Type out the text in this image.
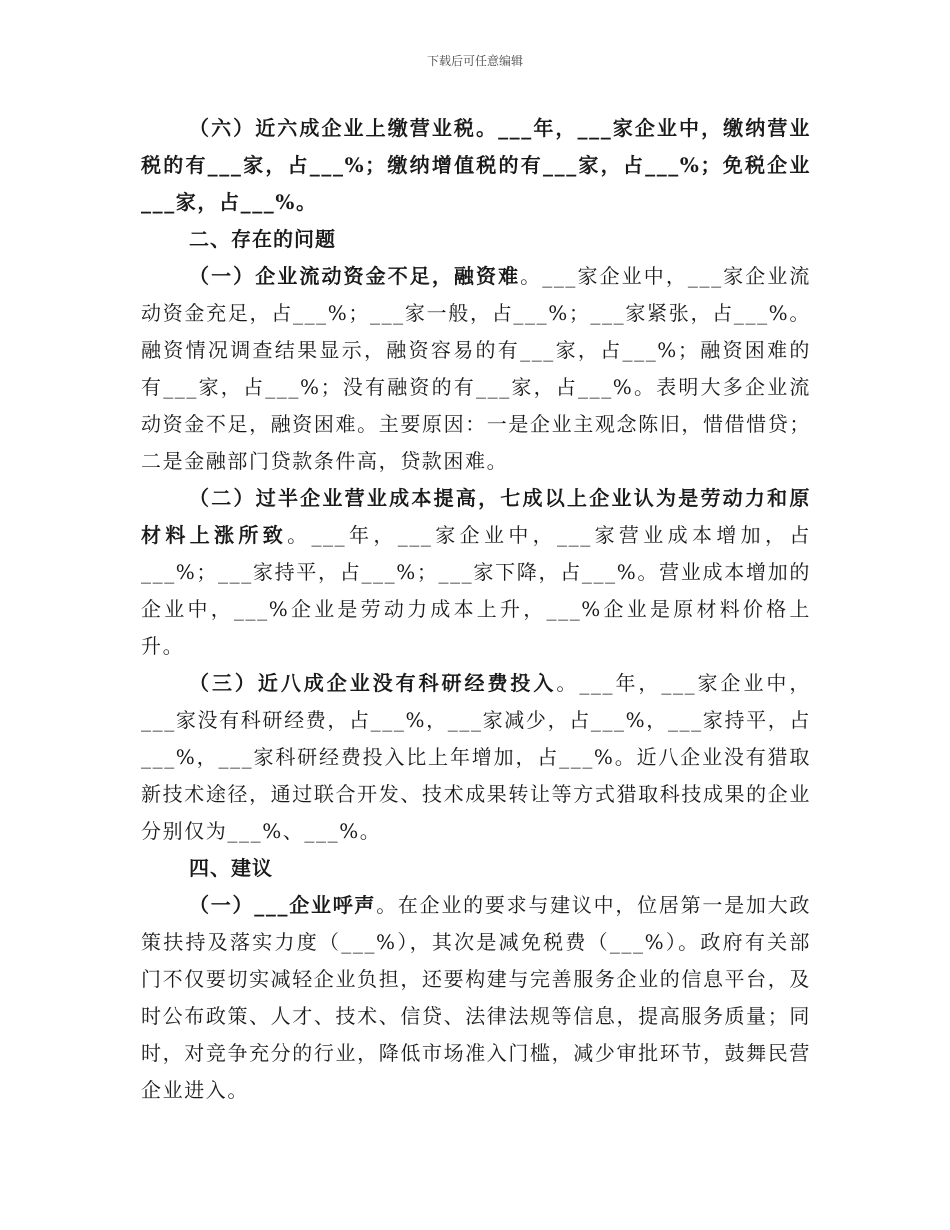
下载后可任意编辑

（六）近六成企业上缴营业税。___年，___家企业中，缴纳营业税的有___家，占___%；缴纳增值税的有___家，占___%；免税企业___家，占___%。

二、存在的问题

（一）企业流动资金不足，融资难。___家企业中，___家企业流动资金充足，占___%；___家一般，占___%；___家紧张，占___%。融资情况调查结果显示，融资容易的有___家，占___%；融资困难的有___家，占___%；没有融资的有___家，占___%。表明大多企业流动资金不足，融资困难。主要原因：一是企业主观念陈旧，惜借惜贷；二是金融部门贷款条件高，贷款困难。

（二）过半企业营业成本提高，七成以上企业认为是劳动力和原材料上涨所致。___年，___家企业中，___家营业成本增加，占___%；___家持平，占___%；___家下降，占___%。营业成本增加的企业中，___%企业是劳动力成本上升，___%企业是原材料价格上升。

（三）近八成企业没有科研经费投入。___年，___家企业中，___家没有科研经费，占___%，___家减少，占___%，___家持平，占___%，___家科研经费投入比上年增加，占___%。近八企业没有猎取新技术途径，通过联合开发、技术成果转让等方式猎取科技成果的企业分别仅为___%、___%。

四、建议

（一）___企业呼声。在企业的要求与建议中，位居第一是加大政策扶持及落实力度（___%），其次是减免税费（___%）。政府有关部门不仅要切实减轻企业负担，还要构建与完善服务企业的信息平台，及时公布政策、人才、技术、信贷、法律法规等信息，提高服务质量；同时，对竞争充分的行业，降低市场准入门槛，减少审批环节，鼓舞民营企业进入。
